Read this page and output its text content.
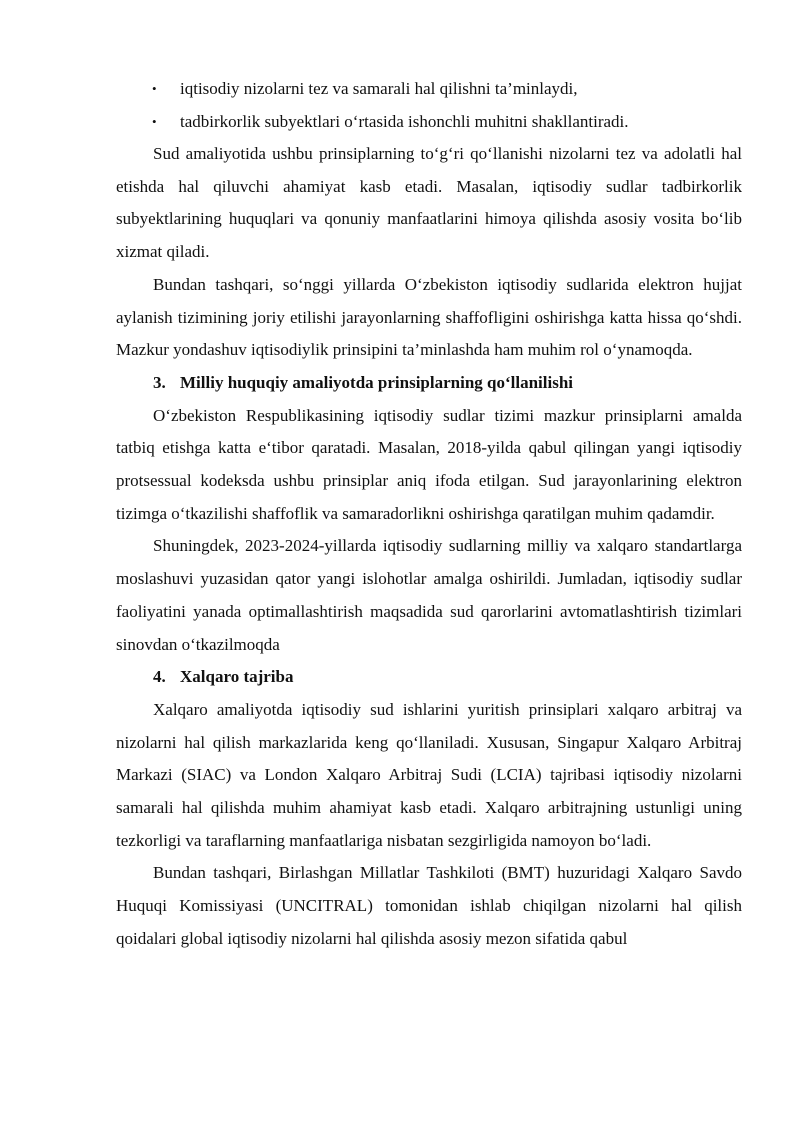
• iqtisodiy nizolarni tez va samarali hal qilishni ta’minlaydi,
• tadbirkorlik subyektlari o‘rtasida ishonchli muhitni shakllantiradi.

Sud amaliyotida ushbu prinsiplarning to‘g‘ri qo‘llanishi nizolarni tez va adolatli hal etishda hal qiluvchi ahamiyat kasb etadi. Masalan, iqtisodiy sudlar tadbirkorlik subyektlarining huquqlari va qonuniy manfaatlarini himoya qilishda asosiy vosita bo‘lib xizmat qiladi.

Bundan tashqari, so‘nggi yillarda O‘zbekiston iqtisodiy sudlarida elektron hujjat aylanish tizimining joriy etilishi jarayonlarning shaffofligini oshirishga katta hissa qo‘shdi. Mazkur yondashuv iqtisodiylik prinsipini ta’minlashda ham muhim rol o‘ynamoqda.

3. Milliy huquqiy amaliyotda prinsiplarning qo‘llanilishi

O‘zbekiston Respublikasining iqtisodiy sudlar tizimi mazkur prinsiplarni amalda tatbiq etishga katta e‘tibor qaratadi. Masalan, 2018-yilda qabul qilingan yangi iqtisodiy protsessual kodeksda ushbu prinsiplar aniq ifoda etilgan. Sud jarayonlarining elektron tizimga o‘tkazilishi shaffoflik va samaradorlikni oshirishga qaratilgan muhim qadamdir.

Shuningdek, 2023-2024-yillarda iqtisodiy sudlarning milliy va xalqaro standartlarga moslashuvi yuzasidan qator yangi islohotlar amalga oshirildi. Jumladan, iqtisodiy sudlar faoliyatini yanada optimallashtirish maqsadida sud qarorlarini avtomatlashtirish tizimlari sinovdan o‘tkazilmoqda

4. Xalqaro tajriba

Xalqaro amaliyotda iqtisodiy sud ishlarini yuritish prinsiplari xalqaro arbitraj va nizolarni hal qilish markazlarida keng qo‘llaniladi. Xususan, Singapur Xalqaro Arbitraj Markazi (SIAC) va London Xalqaro Arbitraj Sudi (LCIA) tajribasi iqtisodiy nizolarni samarali hal qilishda muhim ahamiyat kasb etadi. Xalqaro arbitrajning ustunligi uning tezkorligi va taraflarning manfaatlariga nisbatan sezgirligida namoyon bo‘ladi.

Bundan tashqari, Birlashgan Millatlar Tashkiloti (BMT) huzuridagi Xalqaro Savdo Huquqi Komissiyasi (UNCITRAL) tomonidan ishlab chiqilgan nizolarni hal qilish qoidalari global iqtisodiy nizolarni hal qilishda asosiy mezon sifatida qabul
